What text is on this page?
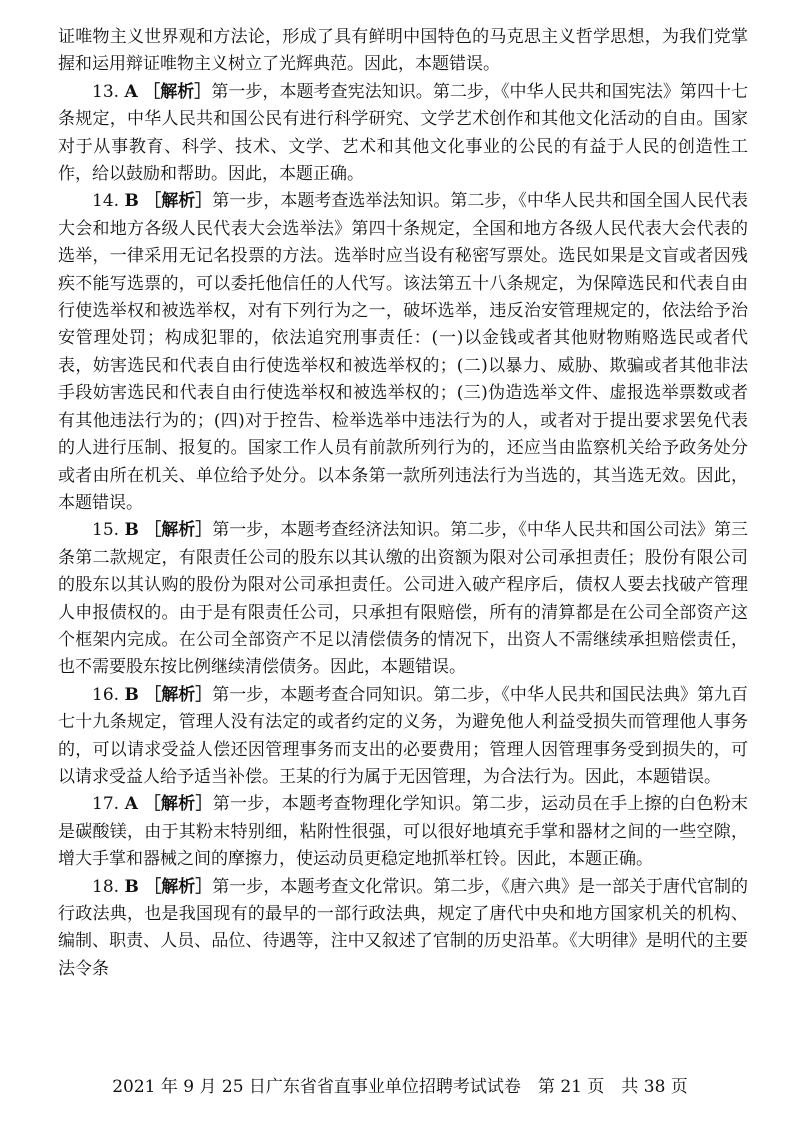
证唯物主义世界观和方法论，形成了具有鲜明中国特色的马克思主义哲学思想，为我们党掌握和运用辩证唯物主义树立了光辉典范。因此，本题错误。

13. A ［解析］第一步，本题考查宪法知识。第二步，《中华人民共和国宪法》第四十七条规定，中华人民共和国公民有进行科学研究、文学艺术创作和其他文化活动的自由。国家对于从事教育、科学、技术、文学、艺术和其他文化事业的公民的有益于人民的创造性工作，给以鼓励和帮助。因此，本题正确。

14. B ［解析］第一步，本题考查选举法知识。第二步，《中华人民共和国全国人民代表大会和地方各级人民代表大会选举法》第四十条规定，全国和地方各级人民代表大会代表的选举，一律采用无记名投票的方法。选举时应当设有秘密写票处。选民如果是文盲或者因残疾不能写选票的，可以委托他信任的人代写。该法第五十八条规定，为保障选民和代表自由行使选举权和被选举权，对有下列行为之一，破坏选举，违反治安管理规定的，依法给予治安管理处罚；构成犯罪的，依法追究刑事责任：(一)以金钱或者其他财物贿赂选民或者代表，妨害选民和代表自由行使选举权和被选举权的；(二)以暴力、威胁、欺骗或者其他非法手段妨害选民和代表自由行使选举权和被选举权的；(三)伪造选举文件、虚报选举票数或者有其他违法行为的；(四)对于控告、检举选举中违法行为的人，或者对于提出要求罢免代表的人进行压制、报复的。国家工作人员有前款所列行为的，还应当由监察机关给予政务处分或者由所在机关、单位给予处分。以本条第一款所列违法行为当选的，其当选无效。因此，本题错误。

15. B ［解析］第一步，本题考查经济法知识。第二步，《中华人民共和国公司法》第三条第二款规定，有限责任公司的股东以其认缴的出资额为限对公司承担责任；股份有限公司的股东以其认购的股份为限对公司承担责任。公司进入破产程序后，债权人要去找破产管理人申报债权的。由于是有限责任公司，只承担有限赔偿，所有的清算都是在公司全部资产这个框架内完成。在公司全部资产不足以清偿债务的情况下，出资人不需继续承担赔偿责任，也不需要股东按比例继续清偿债务。因此，本题错误。

16. B ［解析］第一步，本题考查合同知识。第二步，《中华人民共和国民法典》第九百七十九条规定，管理人没有法定的或者约定的义务，为避免他人利益受损失而管理他人事务的，可以请求受益人偿还因管理事务而支出的必要费用；管理人因管理事务受到损失的，可以请求受益人给予适当补偿。王某的行为属于无因管理，为合法行为。因此，本题错误。

17. A ［解析］第一步，本题考查物理化学知识。第二步，运动员在手上擦的白色粉末是碳酸镁，由于其粉末特别细，粘附性很强，可以很好地填充手掌和器材之间的一些空隙，增大手掌和器械之间的摩擦力，使运动员更稳定地抓举杠铃。因此，本题正确。

18. B ［解析］第一步，本题考查文化常识。第二步，《唐六典》是一部关于唐代官制的行政法典，也是我国现有的最早的一部行政法典，规定了唐代中央和地方国家机关的机构、编制、职责、人员、品位、待遇等，注中又叙述了官制的历史沿革。《大明律》是明代的主要法令条

2021 年 9 月 25 日广东省省直事业单位招聘考试试卷　第 21 页　共 38 页
